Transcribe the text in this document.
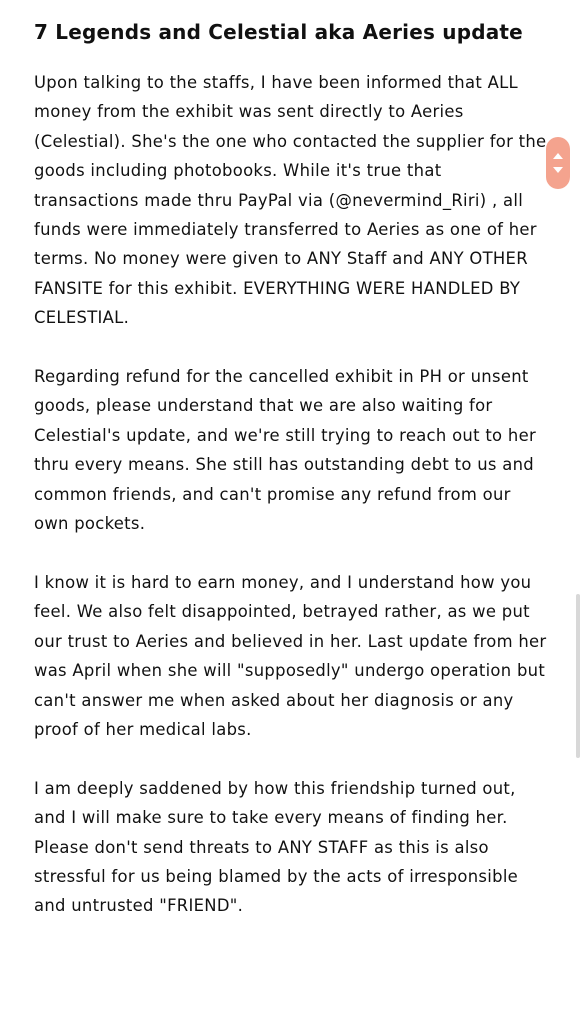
7 Legends and Celestial aka Aeries update

Upon talking to the staffs, I have been informed that ALL money from the exhibit was sent directly to Aeries (Celestial). She's the one who contacted the supplier for the goods including photobooks. While it's true that transactions made thru PayPal via (@nevermind_Riri) , all funds were immediately transferred to Aeries as one of her terms. No money were given to ANY Staff and ANY OTHER FANSITE for this exhibit. EVERYTHING WERE HANDLED BY CELESTIAL.

Regarding refund for the cancelled exhibit in PH or unsent goods, please understand that we are also waiting for Celestial's update, and we're still trying to reach out to her thru every means. She still has outstanding debt to us and common friends, and can't promise any refund from our own pockets.

I know it is hard to earn money, and I understand how you feel. We also felt disappointed, betrayed rather, as we put our trust to Aeries and believed in her. Last update from her was April when she will "supposedly" undergo operation but can't answer me when asked about her diagnosis or any proof of her medical labs.

I am deeply saddened by how this friendship turned out, and I will make sure to take every means of finding her. Please don't send threats to ANY STAFF as this is also stressful for us being blamed by the acts of irresponsible and untrusted "FRIEND".
